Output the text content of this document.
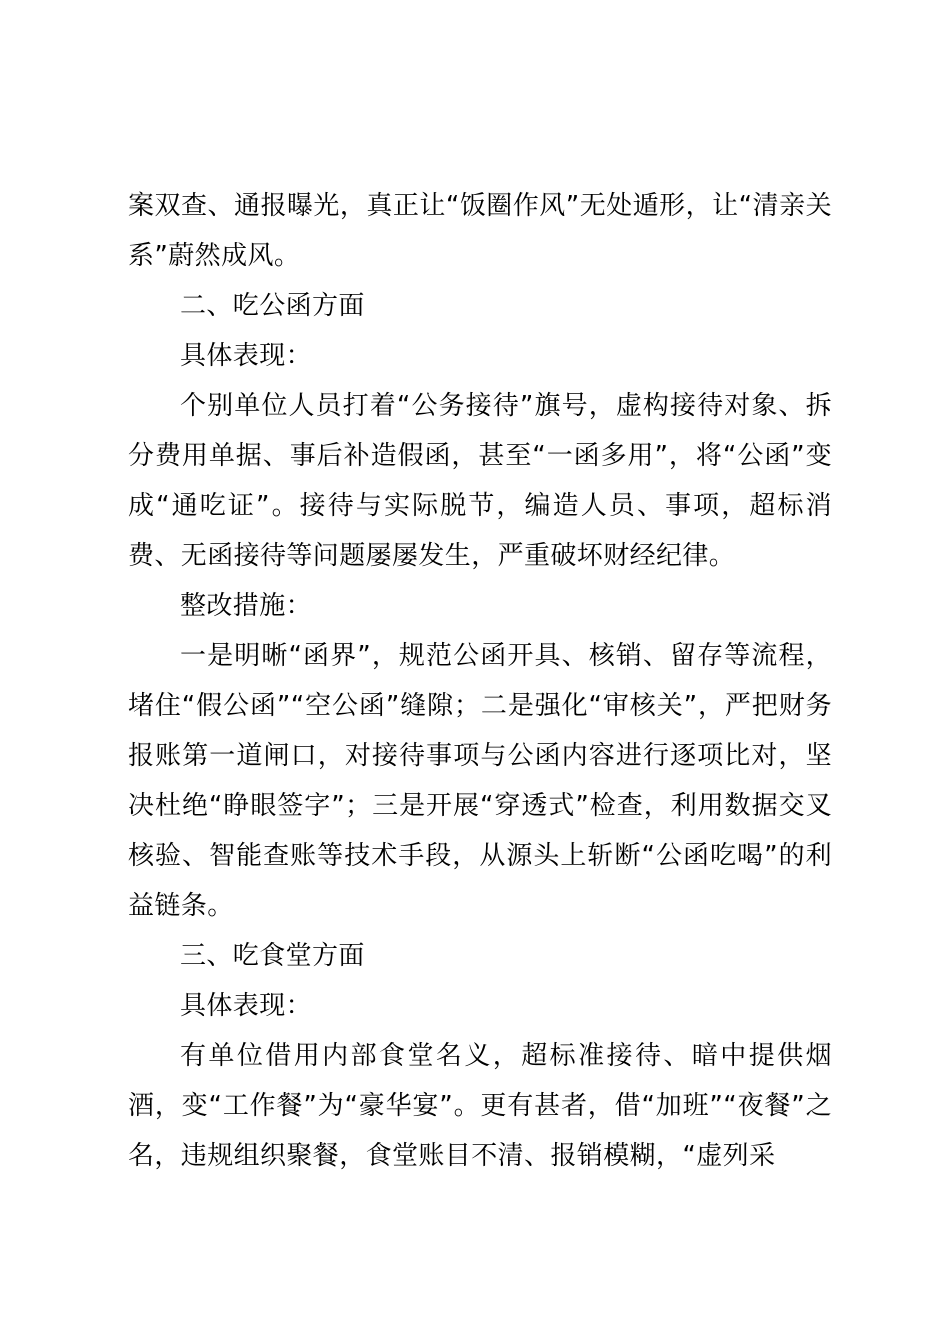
案双查、通报曝光，真正让“饭圈作风”无处遁形，让“清亲关系”蔚然成风。

二、吃公函方面

具体表现：

个别单位人员打着“公务接待”旗号，虚构接待对象、拆分费用单据、事后补造假函，甚至“一函多用”，将“公函”变成“通吃证”。接待与实际脱节，编造人员、事项，超标消费、无函接待等问题屡屡发生，严重破坏财经纪律。

整改措施：

一是明晰“函界”，规范公函开具、核销、留存等流程，堵住“假公函”“空公函”缝隙；二是强化“审核关”，严把财务报账第一道闸口，对接待事项与公函内容进行逐项比对，坚决杜绝“睁眼签字”；三是开展“穿透式”检查，利用数据交叉核验、智能查账等技术手段，从源头上斩断“公函吃喝”的利益链条。

三、吃食堂方面

具体表现：

有单位借用内部食堂名义，超标准接待、暗中提供烟酒，变“工作餐”为“豪华宴”。更有甚者，借“加班”“夜餐”之名，违规组织聚餐，食堂账目不清、报销模糊，“虚列采
